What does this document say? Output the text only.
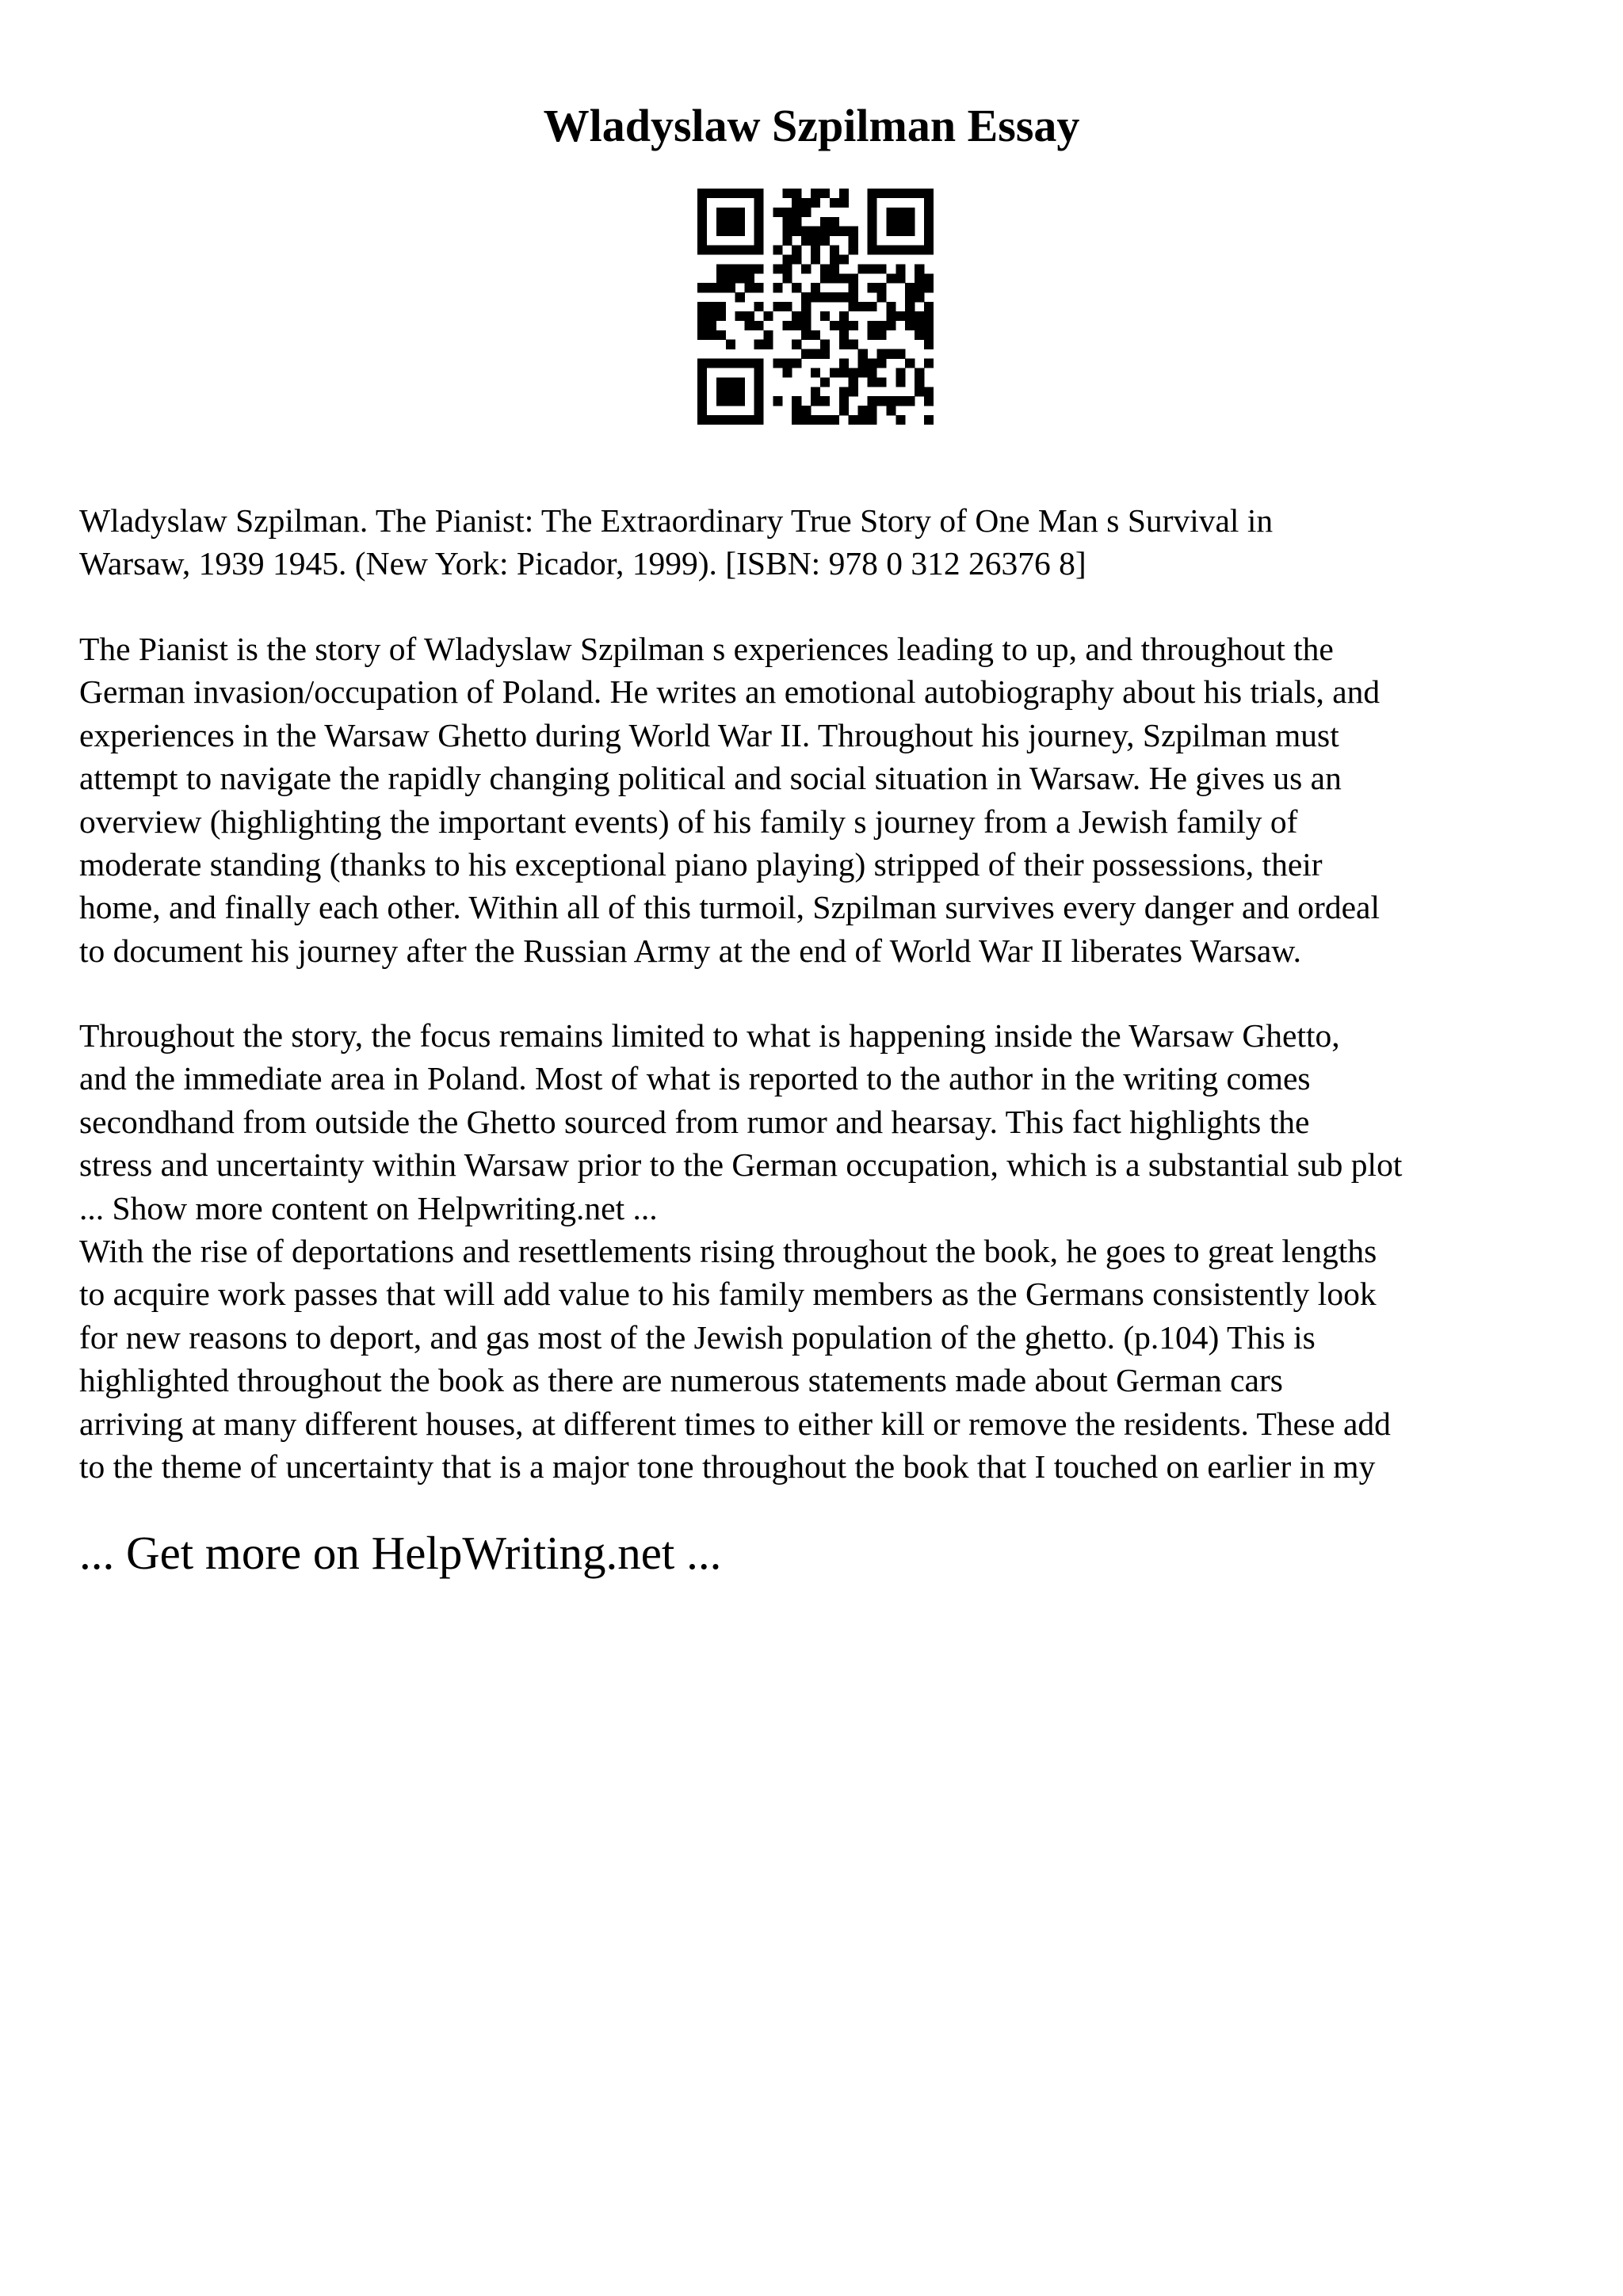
Wladyslaw Szpilman Essay

Wladyslaw Szpilman. The Pianist: The Extraordinary True Story of One Man s Survival in
Warsaw, 1939 1945. (New York: Picador, 1999). [ISBN: 978 0 312 26376 8]

The Pianist is the story of Wladyslaw Szpilman s experiences leading to up, and throughout the
German invasion/occupation of Poland. He writes an emotional autobiography about his trials, and
experiences in the Warsaw Ghetto during World War II. Throughout his journey, Szpilman must
attempt to navigate the rapidly changing political and social situation in Warsaw. He gives us an
overview (highlighting the important events) of his family s journey from a Jewish family of
moderate standing (thanks to his exceptional piano playing) stripped of their possessions, their
home, and finally each other. Within all of this turmoil, Szpilman survives every danger and ordeal
to document his journey after the Russian Army at the end of World War II liberates Warsaw.

Throughout the story, the focus remains limited to what is happening inside the Warsaw Ghetto,
and the immediate area in Poland. Most of what is reported to the author in the writing comes
secondhand from outside the Ghetto sourced from rumor and hearsay. This fact highlights the
stress and uncertainty within Warsaw prior to the German occupation, which is a substantial sub plot
... Show more content on Helpwriting.net ...

With the rise of deportations and resettlements rising throughout the book, he goes to great lengths
to acquire work passes that will add value to his family members as the Germans consistently look
for new reasons to deport, and gas most of the Jewish population of the ghetto. (p.104) This is
highlighted throughout the book as there are numerous statements made about German cars
arriving at many different houses, at different times to either kill or remove the residents. These add
to the theme of uncertainty that is a major tone throughout the book that I touched on earlier in my

... Get more on HelpWriting.net ...
